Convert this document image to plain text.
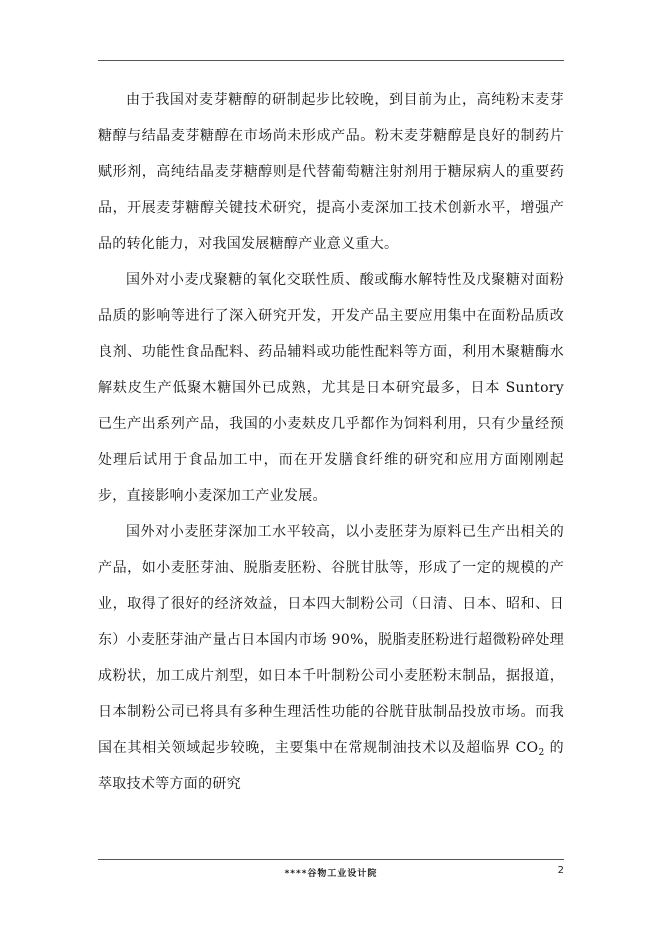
由于我国对麦芽糖醇的研制起步比较晚，到目前为止，高纯粉末麦芽糖醇与结晶麦芽糖醇在市场尚未形成产品。粉末麦芽糖醇是良好的制药片赋形剂，高纯结晶麦芽糖醇则是代替葡萄糖注射剂用于糖尿病人的重要药品，开展麦芽糖醇关键技术研究，提高小麦深加工技术创新水平，增强产品的转化能力，对我国发展糖醇产业意义重大。

国外对小麦戊聚糖的氧化交联性质、酸或酶水解特性及戊聚糖对面粉品质的影响等进行了深入研究开发，开发产品主要应用集中在面粉品质改良剂、功能性食品配料、药品辅料或功能性配料等方面，利用木聚糖酶水解麸皮生产低聚木糖国外已成熟，尤其是日本研究最多，日本 Suntory 已生产出系列产品，我国的小麦麸皮几乎都作为饲料利用，只有少量经预处理后试用于食品加工中，而在开发膳食纤维的研究和应用方面刚刚起步，直接影响小麦深加工产业发展。

国外对小麦胚芽深加工水平较高，以小麦胚芽为原料已生产出相关的产品，如小麦胚芽油、脱脂麦胚粉、谷胱甘肽等，形成了一定的规模的产业，取得了很好的经济效益，日本四大制粉公司（日清、日本、昭和、日东）小麦胚芽油产量占日本国内市场 90%，脱脂麦胚粉进行超微粉碎处理成粉状，加工成片剂型，如日本千叶制粉公司小麦胚粉末制品，据报道，日本制粉公司已将具有多种生理活性功能的谷胱苷肽制品投放市场。而我国在其相关领域起步较晚，主要集中在常规制油技术以及超临界 $CO_2$ 的萃取技术等方面的研究

****谷物工业设计院	2
